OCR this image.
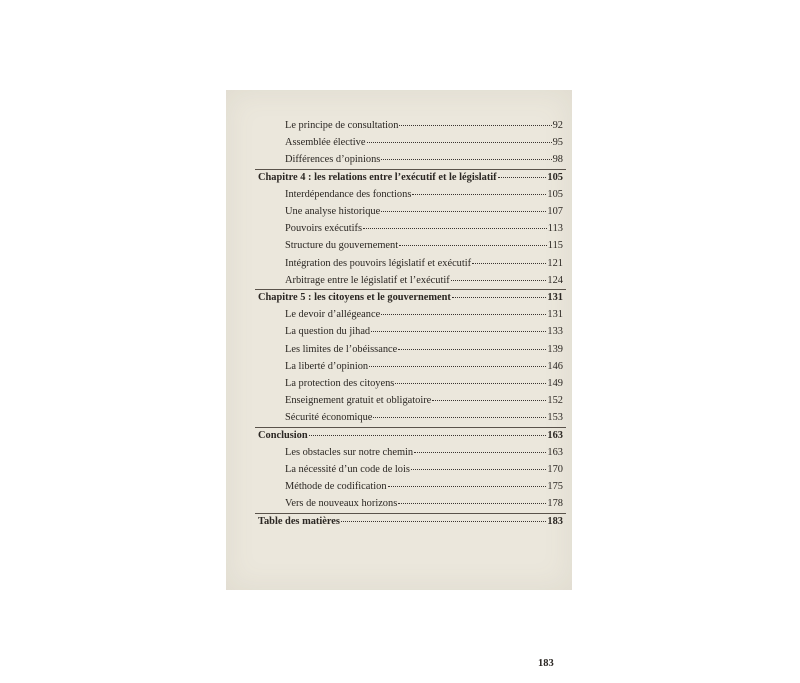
Le principe de consultation	92
Assemblée élective	95
Différences d’opinions	98
Chapitre 4 : les relations entre l’exécutif et le législatif	105
Interdépendance des fonctions	105
Une analyse historique	107
Pouvoirs exécutifs	113
Structure du gouvernement	115
Intégration des pouvoirs législatif et exécutif	121
Arbitrage entre le législatif et l’exécutif	124
Chapitre 5 : les citoyens et le gouvernement	131
Le devoir d’allégeance	131
La question du jihad	133
Les limites de l’obéissance	139
La liberté d’opinion	146
La protection des citoyens	149
Enseignement gratuit et obligatoire	152
Sécurité économique	153
Conclusion	163
Les obstacles sur notre chemin	163
La nécessité d’un code de lois	170
Méthode de codification	175
Vers de nouveaux horizons	178
Table des matières	183
183
